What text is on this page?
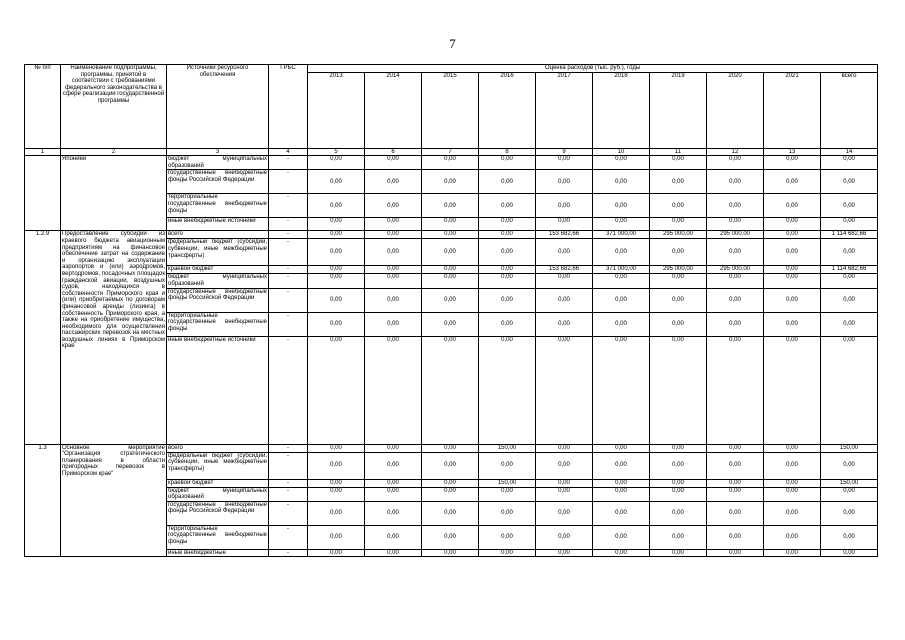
7
№ п/п	Наименование подпрограммы, программы, принятой в соответствии с требованиями федерального законодательства в сфере реализации государственной программы	Источники ресурсного обеспечения	ГРБС	Оценка расходов (тыс. руб.), годы									
				2013	2014	2015	2016	2017	2018	2019	2020	2021	всего
1	2	3	4	5	6	7	8	9	10	11	12	13	14
	Японией	бюджет муниципальных образований	-	0,00	0,00	0,00	0,00	0,00	0,00	0,00	0,00	0,00	0,00
		государственные внебюджетные фонды Российской Федерации	-	0,00	0,00	0,00	0,00	0,00	0,00	0,00	0,00	0,00	0,00
		территориальные государственные внебюджетные фонды	-	0,00	0,00	0,00	0,00	0,00	0,00	0,00	0,00	0,00	0,00
		иные внебюджетные источники	-	0,00	0,00	0,00	0,00	0,00	0,00	0,00	0,00	0,00	0,00
1.2.9	Предоставление субсидии из краевого бюджета авиационным предприятиям на финансовое обеспечение затрат на содержание и организацию эксплуатации аэропортов и (или) аэродромов, вертодромов, посадочных площадок гражданской авиации, воздушных судов, находящихся в собственности Приморского края и (или) приобретаемых по договорам финансовой аренды (лизинга) в собственность Приморского края, а также на приобретение имущества, необходимого для осуществления пассажирских перевозок на местных воздушных линиях в Приморском крае	всего	-	0,00	0,00	0,00	0,00	153 682,66	371 000,00	295 000,00	295 000,00	0,00	1 114 682,66
		федеральный бюджет (субсидии, субвенции, иные межбюджетные трансферты)	-	0,00	0,00	0,00	0,00	0,00	0,00	0,00	0,00	0,00	0,00
		краевой бюджет	-	0,00	0,00	0,00	0,00	153 682,66	371 000,00	295 000,00	295 000,00	0,00	1 114 682,66
		бюджет муниципальных образований	-	0,00	0,00	0,00	0,00	0,00	0,00	0,00	0,00	0,00	0,00
		государственные внебюджетные фонды Российской Федерации	-	0,00	0,00	0,00	0,00	0,00	0,00	0,00	0,00	0,00	0,00
		территориальные государственные внебюджетные фонды	-	0,00	0,00	0,00	0,00	0,00	0,00	0,00	0,00	0,00	0,00
		иные внебюджетные источники	-	0,00	0,00	0,00	0,00	0,00	0,00	0,00	0,00	0,00	0,00
1.3	Основное мероприятие "Организация стратегического планирования в области пригородных перевозок в Приморском крае"	всего	-	0,00	0,00	0,00	150,00	0,00	0,00	0,00	0,00	0,00	150,00
		федеральный бюджет (субсидии, субвенции, иные межбюджетные трансферты)	-	0,00	0,00	0,00	0,00	0,00	0,00	0,00	0,00	0,00	0,00
		краевой бюджет	-	0,00	0,00	0,00	150,00	0,00	0,00	0,00	0,00	0,00	150,00
		бюджет муниципальных образований	-	0,00	0,00	0,00	0,00	0,00	0,00	0,00	0,00	0,00	0,00
		государственные внебюджетные фонды Российской Федерации	-	0,00	0,00	0,00	0,00	0,00	0,00	0,00	0,00	0,00	0,00
		территориальные государственные внебюджетные фонды	-	0,00	0,00	0,00	0,00	0,00	0,00	0,00	0,00	0,00	0,00
		иные внебюджетные	-	0,00	0,00	0,00	0,00	0,00	0,00	0,00	0,00	0,00	0,00
